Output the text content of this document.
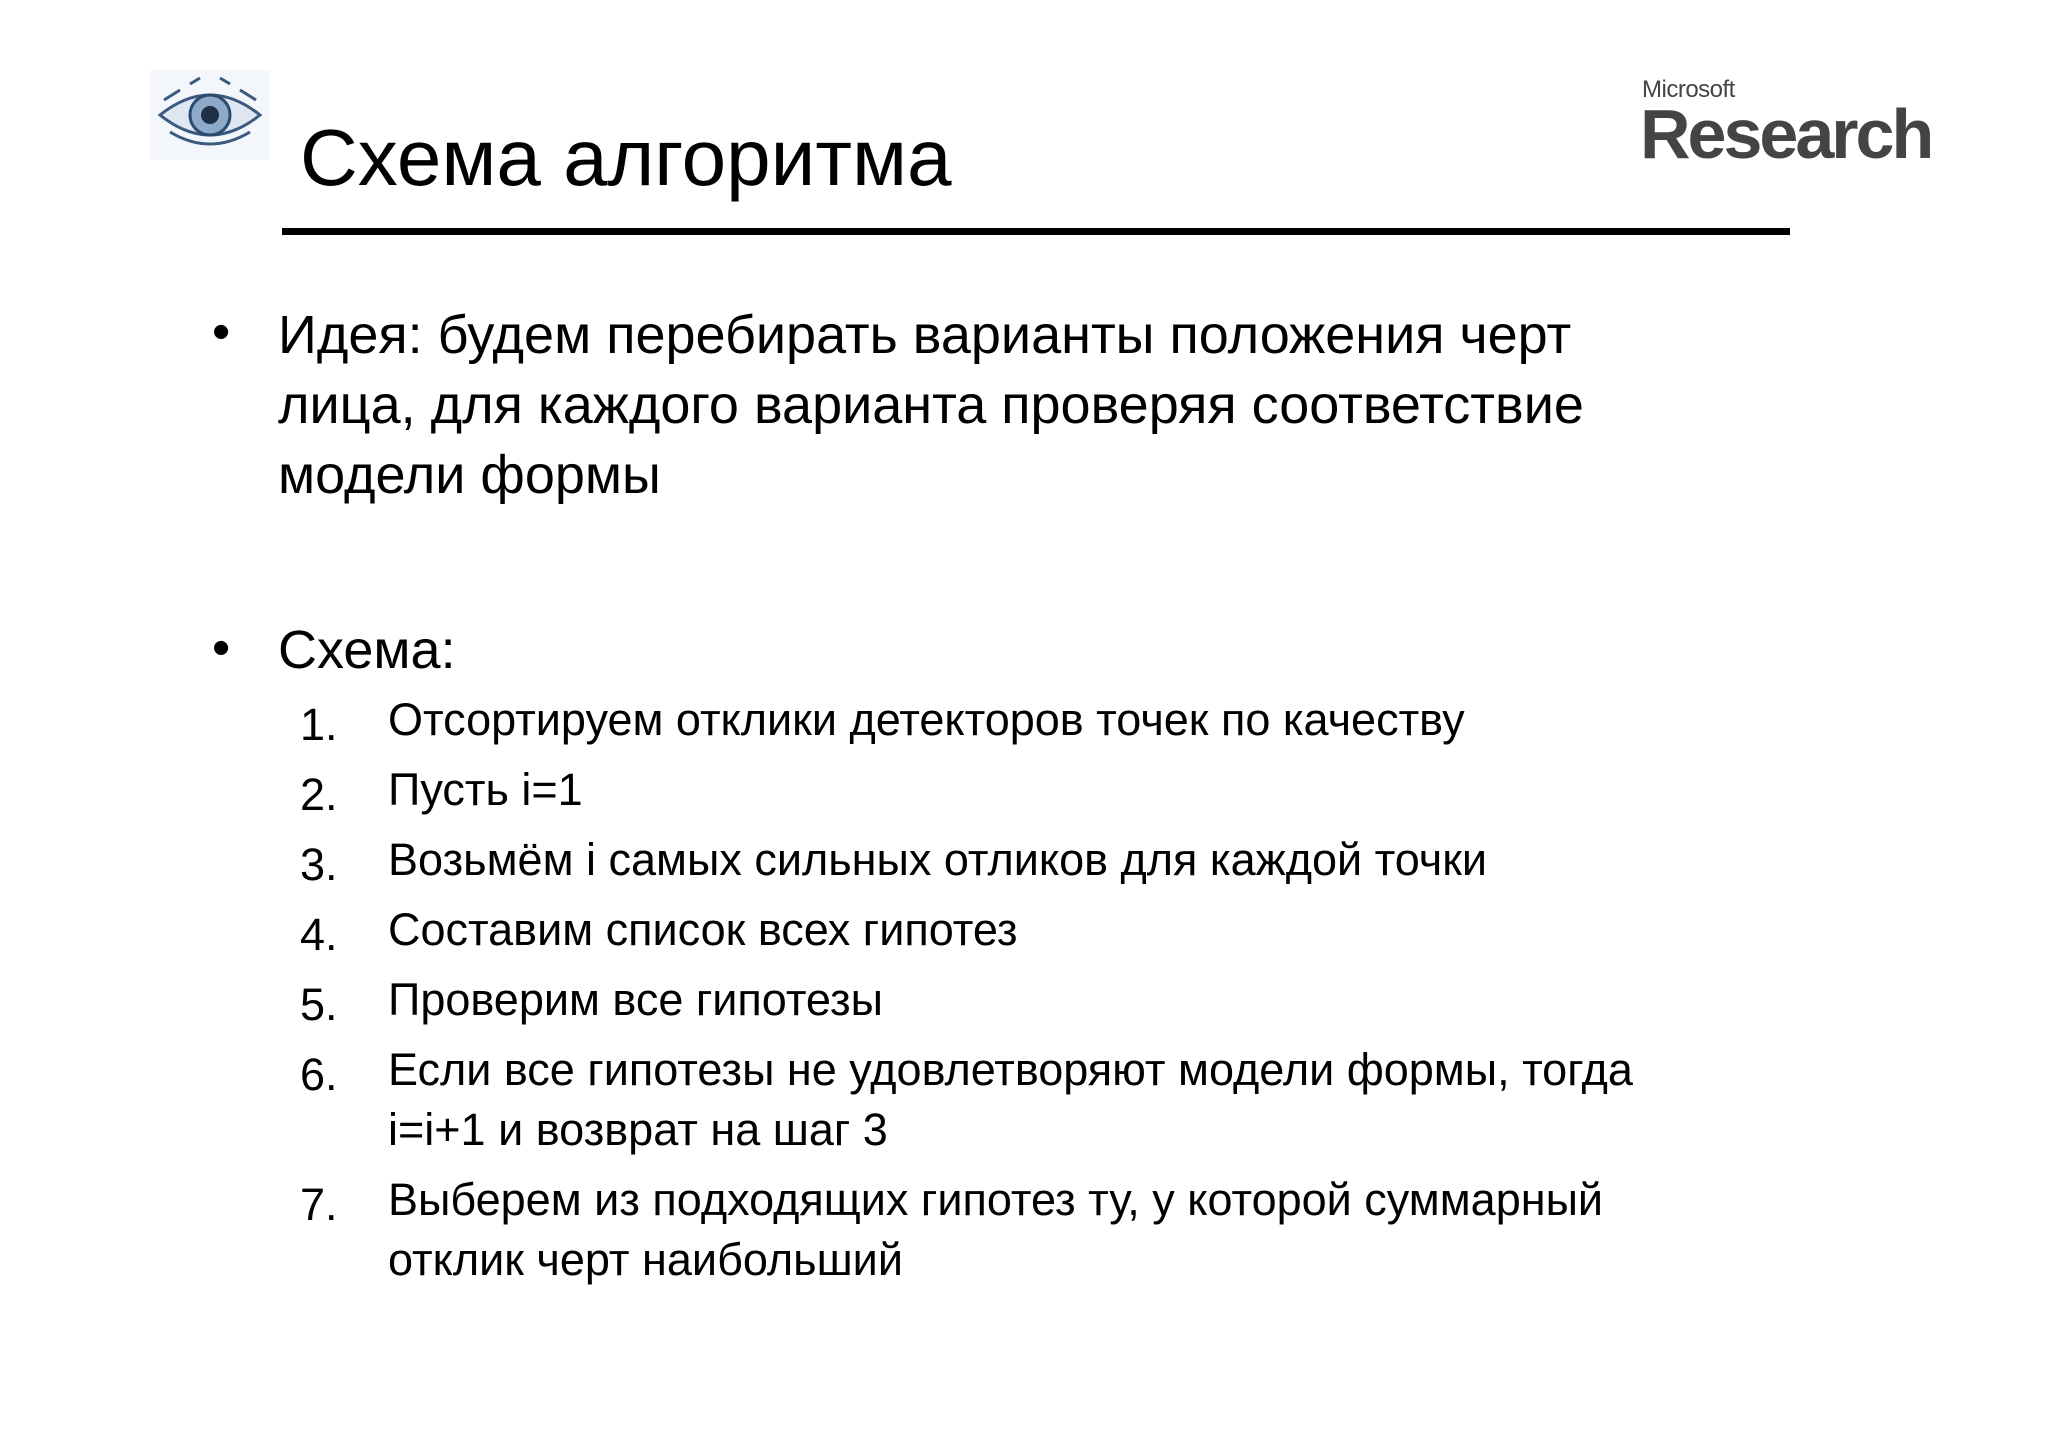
Microsoft
Research
Схема алгоритма
• Идея: будем перебирать варианты положения черт
лица, для каждого варианта проверяя соответствие
модели формы
• Схема:
1.	Отсортируем отклики детекторов точек по качеству
2.	Пусть i=1
3.	Возьмём i самых сильных отликов для каждой точки
4.	Составим список всех гипотез
5.	Проверим все гипотезы
6.	Если все гипотезы не удовлетворяют модели формы, тогда
i=i+1 и возврат на шаг 3
7.	Выберем из подходящих гипотез ту, у которой суммарный
отклик черт наибольший
